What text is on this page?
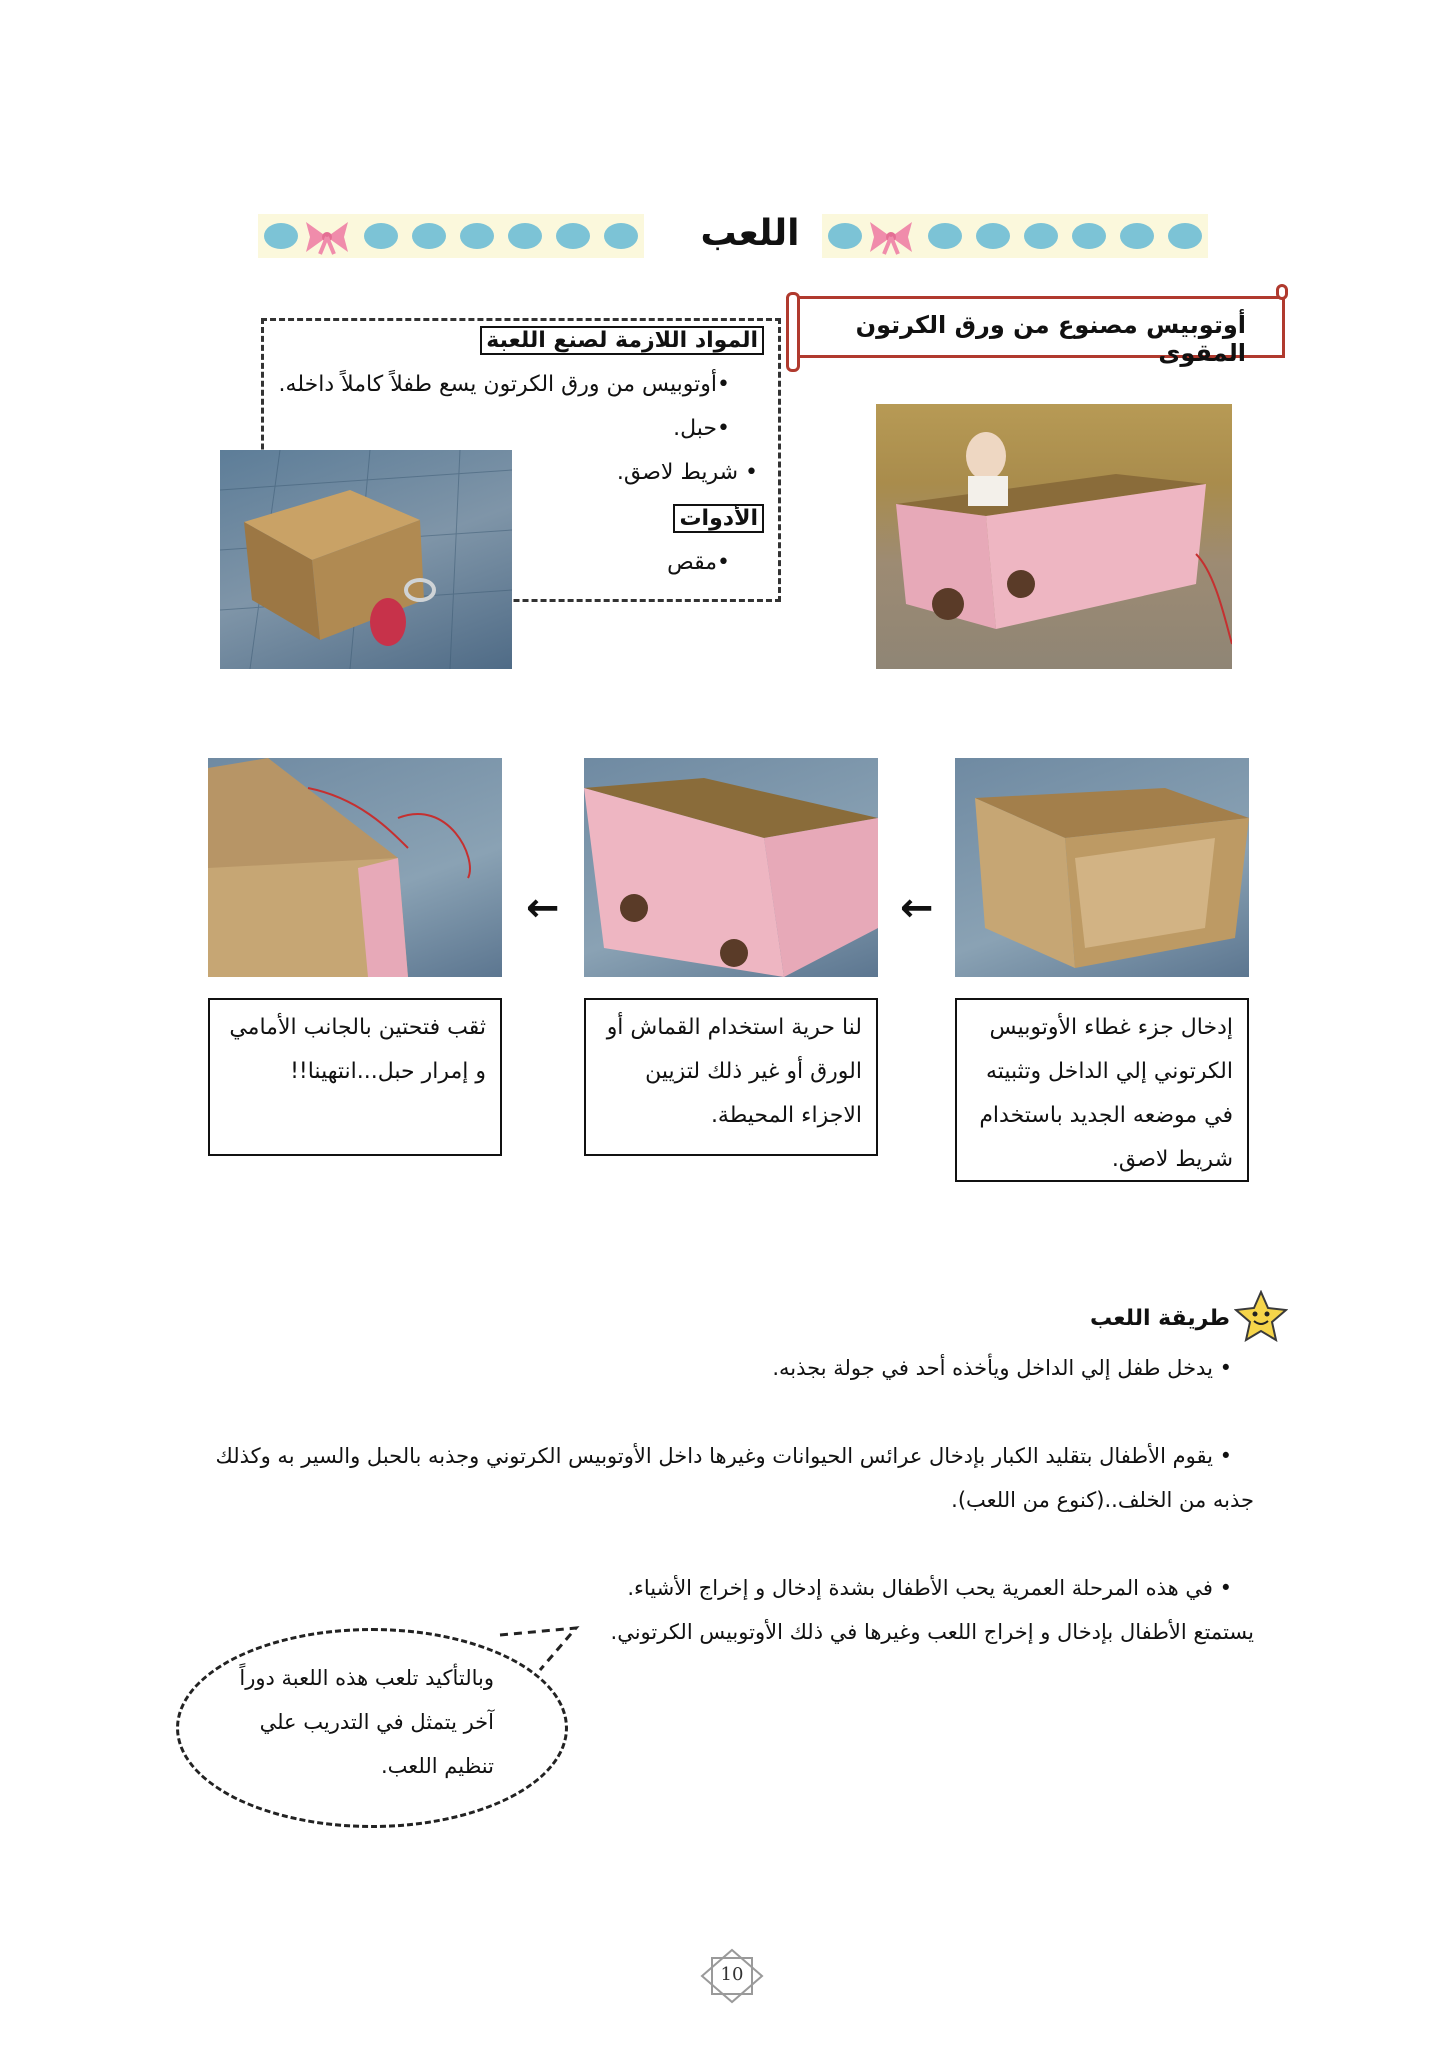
اللعب
أوتوبيس مصنوع من ورق الكرتون المقوى
المواد اللازمة لصنع اللعبة
•أوتوبيس من ورق الكرتون يسع طفلاً كاملاً داخله.
•حبل.
• شريط لاصق.
الأدوات
•مقص
←	←
ثقب فتحتين بالجانب الأمامي و إمرار حبل...انتهينا!!
لنا حرية استخدام القماش أو الورق أو غير ذلك لتزيين الاجزاء المحيطة.
إدخال جزء غطاء الأوتوبيس الكرتوني إلي الداخل وتثبيته في موضعه الجديد باستخدام شريط لاصق.
طريقة اللعب
• يدخل طفل إلي الداخل ويأخذه أحد في جولة بجذبه.
• يقوم الأطفال بتقليد الكبار بإدخال عرائس الحيوانات وغيرها داخل الأوتوبيس الكرتوني وجذبه بالحبل والسير به وكذلك
جذبه من الخلف..(كنوع من اللعب).
• في هذه المرحلة العمرية يحب الأطفال بشدة إدخال و إخراج الأشياء.
يستمتع الأطفال بإدخال و إخراج اللعب وغيرها في ذلك الأوتوبيس الكرتوني.
وبالتأكيد تلعب هذه اللعبة دوراً
آخر يتمثل في التدريب علي
تنظيم اللعب.
10
